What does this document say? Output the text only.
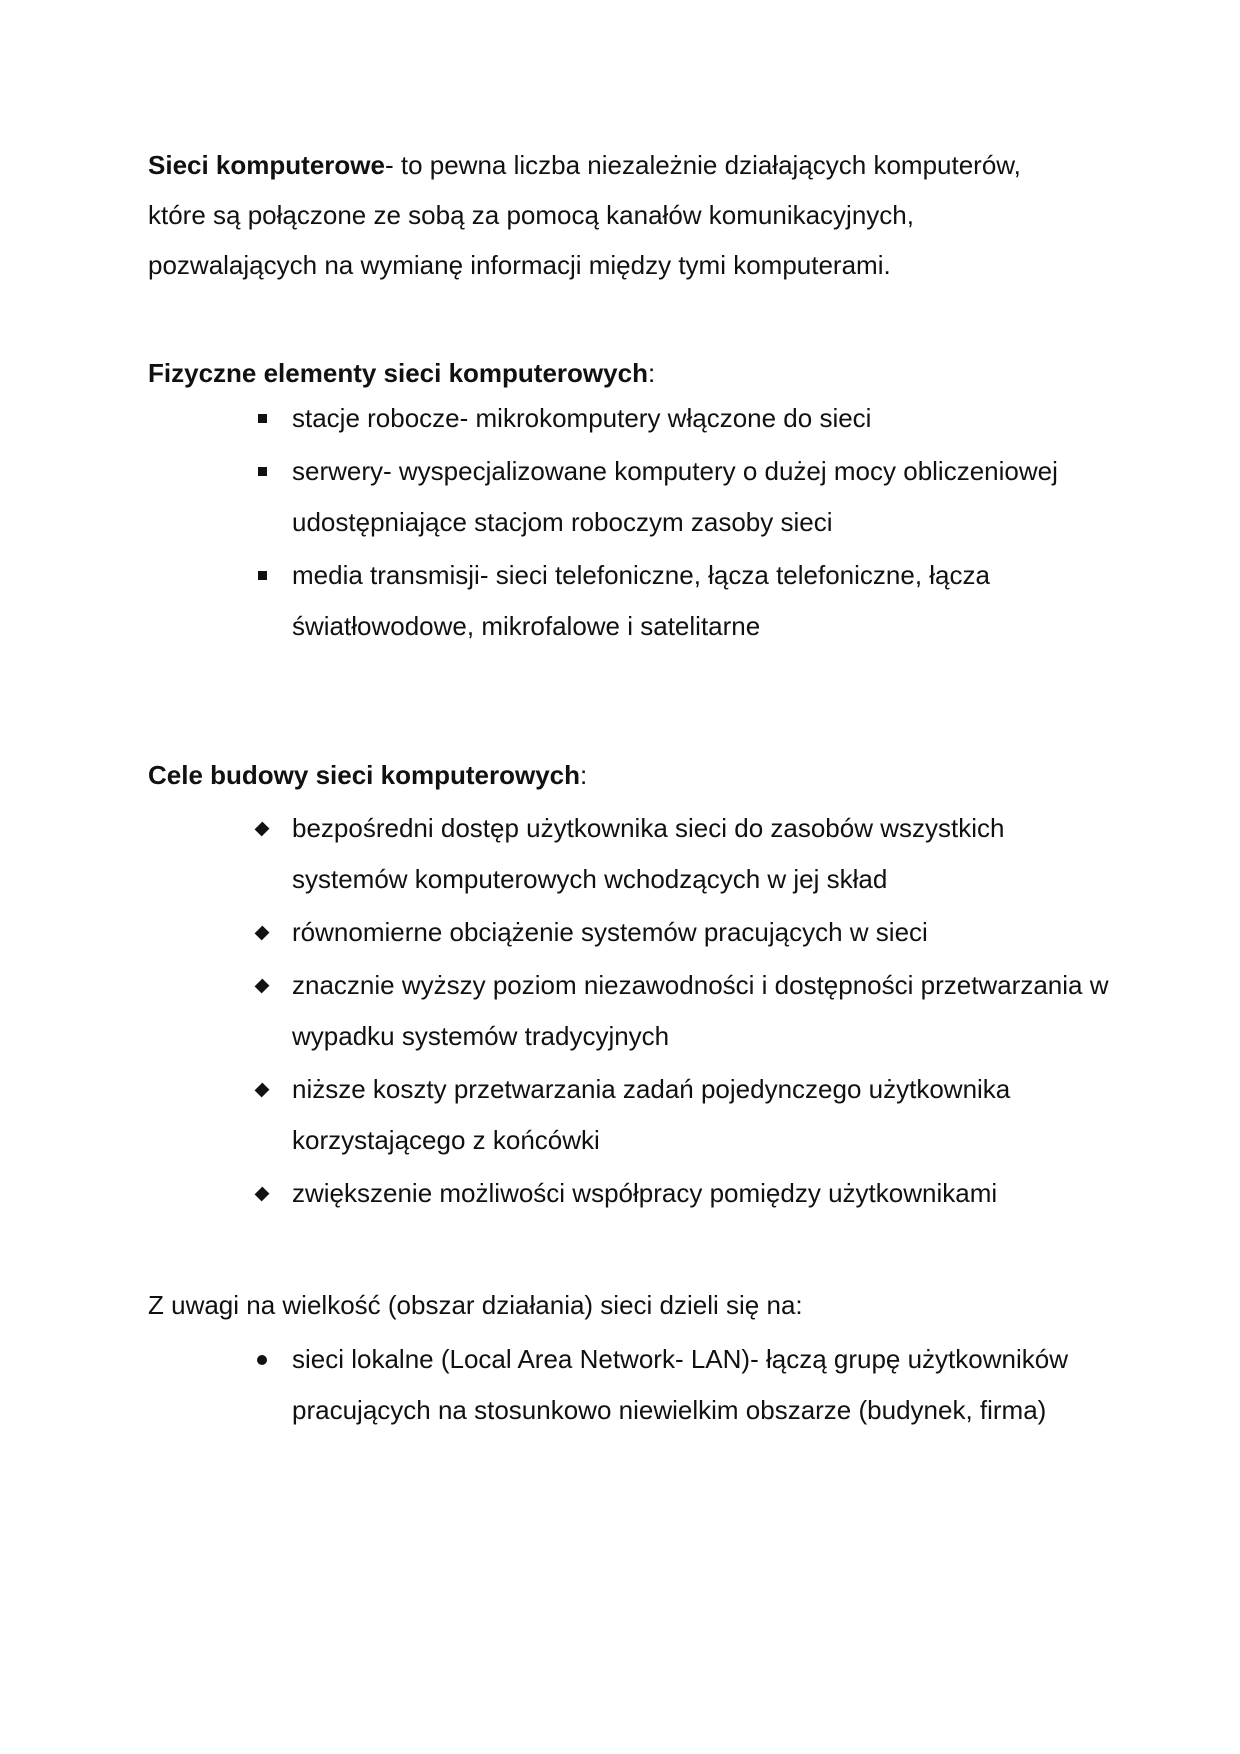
Sieci komputerowe- to pewna liczba niezależnie działających komputerów, które są połączone ze sobą za pomocą kanałów komunikacyjnych, pozwalających na wymianę informacji między tymi komputerami.

Fizyczne elementy sieci komputerowych:

stacje robocze- mikrokomputery włączone do sieci
serwery- wyspecjalizowane komputery o dużej mocy obliczeniowej udostępniające stacjom roboczym zasoby sieci
media transmisji- sieci telefoniczne, łącza telefoniczne, łącza światłowodowe, mikrofalowe i satelitarne

Cele budowy sieci komputerowych:

bezpośredni dostęp użytkownika sieci do zasobów wszystkich systemów komputerowych wchodzących w jej skład
równomierne obciążenie systemów pracujących w sieci
znacznie wyższy poziom niezawodności i dostępności przetwarzania w wypadku systemów tradycyjnych
niższe koszty przetwarzania zadań pojedynczego użytkownika korzystającego z końcówki
zwiększenie możliwości współpracy pomiędzy użytkownikami

Z uwagi na wielkość (obszar działania) sieci dzieli się na:

sieci lokalne (Local Area Network- LAN)- łączą grupę użytkowników pracujących na stosunkowo niewielkim obszarze (budynek, firma)
